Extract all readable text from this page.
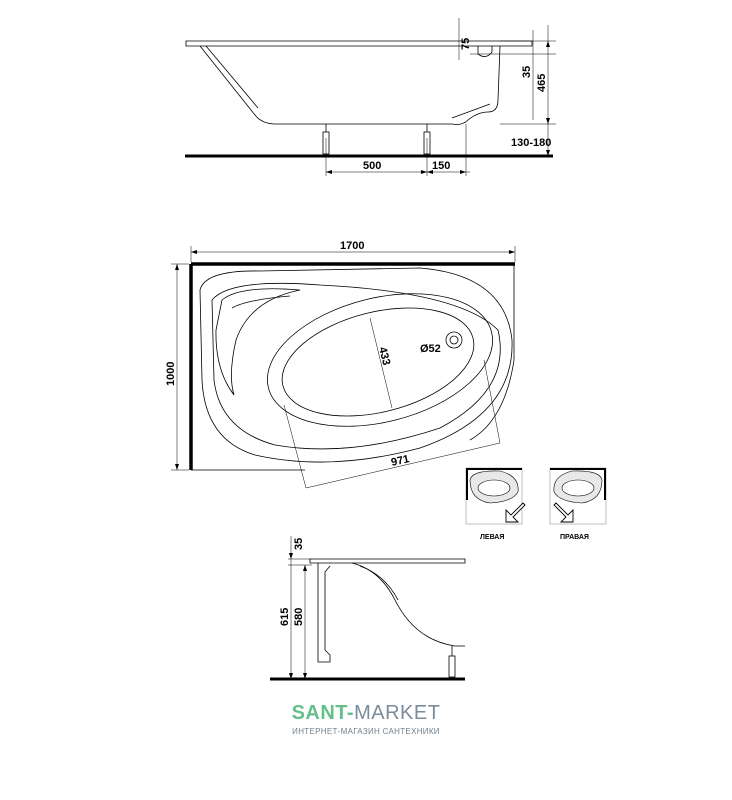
75
35
465
130-180
500	150
1700
1000
433	Ø52
971
ЛЕВАЯ	ПРАВАЯ
35
615 580
SANT-MARKET
ИНТЕРНЕТ-МАГАЗИН САНТЕХНИКИ
